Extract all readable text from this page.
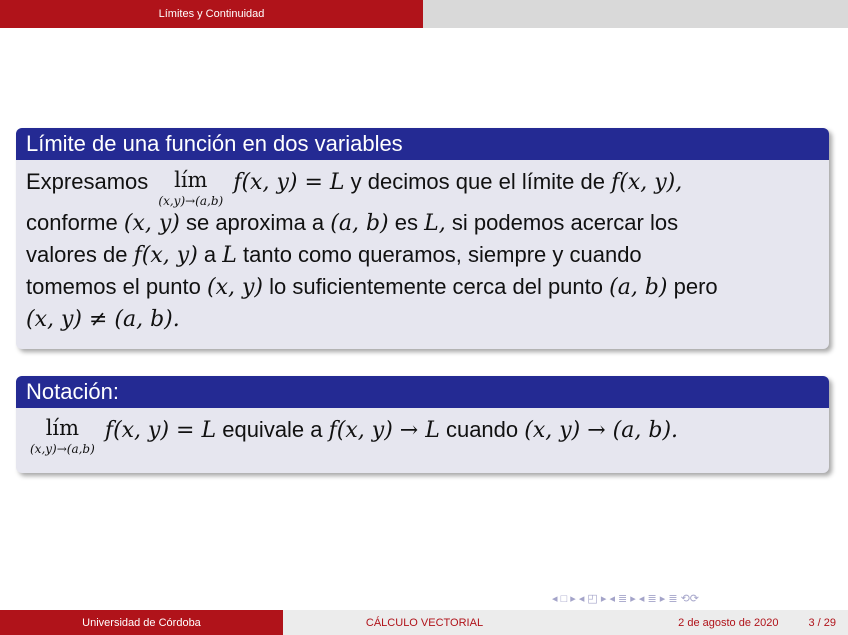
Límites y Continuidad
Límite de una función en dos variables
Expresamos	lím
(x,y)→(a,b)
f(x, y) = L y decimos que el límite de f(x, y),
conforme (x, y) se aproxima a (a, b) es L, si podemos acercar los
valores de f(x, y) a L tanto como queramos, siempre y cuando
tomemos el punto (x, y) lo suficientemente cerca del punto (a, b) pero
(x, y) ≠ (a, b).
Notación:
lím
(x,y)→(a,b)
f(x, y) = L equivale a f(x, y) → L cuando (x, y) → (a, b).
◂ □ ▸ ◂ ◰ ▸ ◂ ≣ ▸ ◂ ≣ ▸ ≣ ⟲⟳
Universidad de Córdoba	CÁLCULO VECTORIAL	2 de agosto de 2020	3 / 29
